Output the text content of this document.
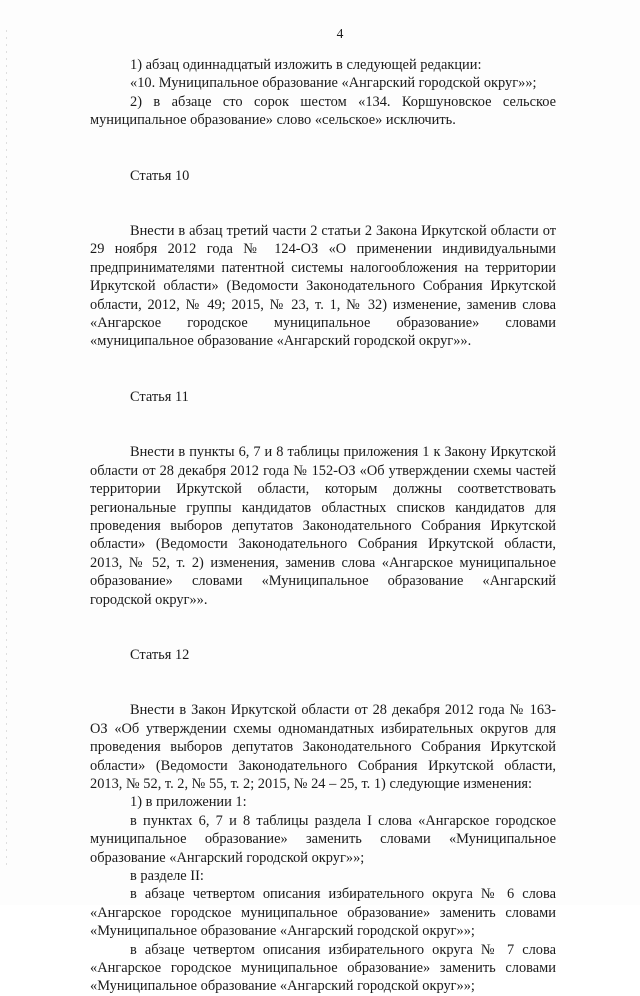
4

1) абзац одиннадцатый изложить в следующей редакции:

«10. Муниципальное образование «Ангарский городской округ»»;

2) в абзаце сто сорок шестом «134. Коршуновское сельское муниципальное образование» слово «сельское» исключить.

Статья 10

Внести в абзац третий части 2 статьи 2 Закона Иркутской области от 29 ноября 2012 года № 124-ОЗ «О применении индивидуальными предпринимателями патентной системы налогообложения на территории Иркутской области» (Ведомости Законодательного Собрания Иркутской области, 2012, № 49; 2015, № 23, т. 1, № 32) изменение, заменив слова «Ангарское городское муниципальное образование» словами «муниципальное образование «Ангарский городской округ»».

Статья 11

Внести в пункты 6, 7 и 8 таблицы приложения 1 к Закону Иркутской области от 28 декабря 2012 года № 152-ОЗ «Об утверждении схемы частей территории Иркутской области, которым должны соответствовать региональные группы кандидатов областных списков кандидатов для проведения выборов депутатов Законодательного Собрания Иркутской области» (Ведомости Законодательного Собрания Иркутской области, 2013, № 52, т. 2) изменения, заменив слова «Ангарское муниципальное образование» словами «Муниципальное образование «Ангарский городской округ»».

Статья 12

Внести в Закон Иркутской области от 28 декабря 2012 года № 163-ОЗ «Об утверждении схемы одномандатных избирательных округов для проведения выборов депутатов Законодательного Собрания Иркутской области» (Ведомости Законодательного Собрания Иркутской области, 2013, № 52, т. 2, № 55, т. 2; 2015, № 24 – 25, т. 1) следующие изменения:

1) в приложении 1:

в пунктах 6, 7 и 8 таблицы раздела I слова «Ангарское городское муниципальное образование» заменить словами «Муниципальное образование «Ангарский городской округ»»;

в разделе II:

в абзаце четвертом описания избирательного округа № 6 слова «Ангарское городское муниципальное образование» заменить словами «Муниципальное образование «Ангарский городской округ»»;

в абзаце четвертом описания избирательного округа № 7 слова «Ангарское городское муниципальное образование» заменить словами «Муниципальное образование «Ангарский городской округ»»;
